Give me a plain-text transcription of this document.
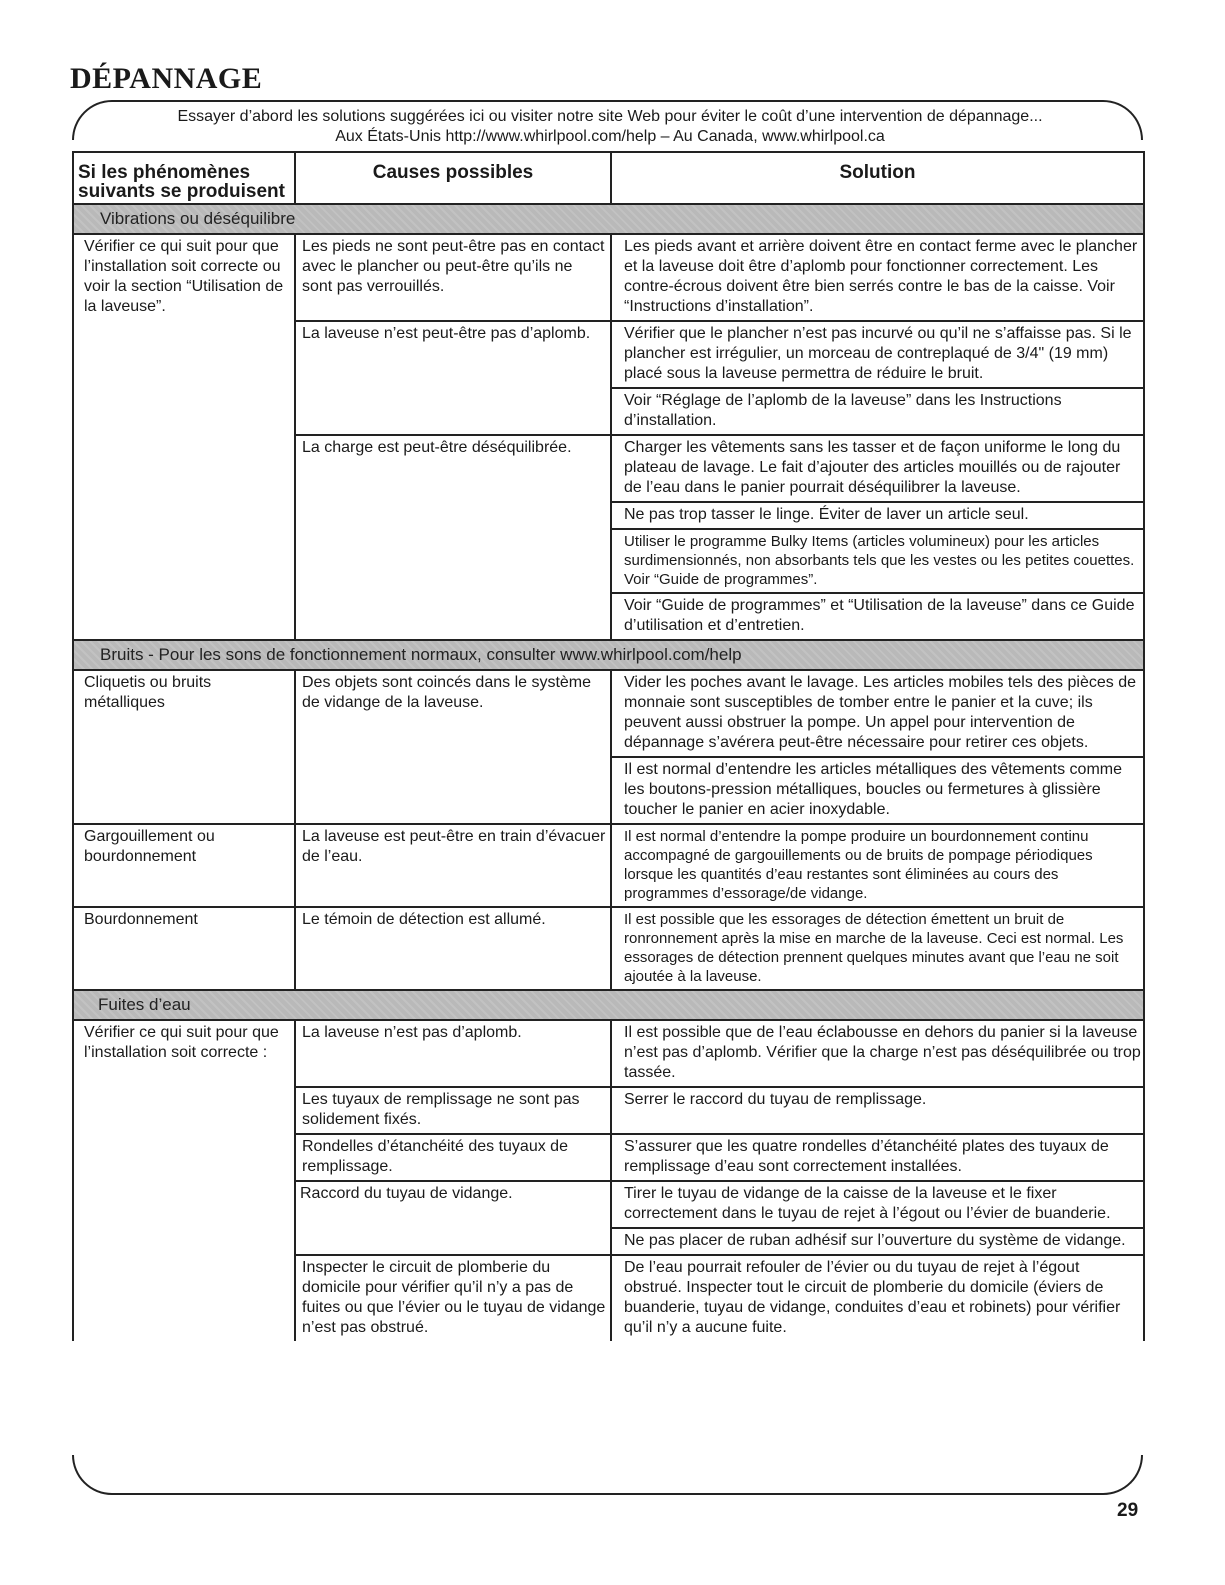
DÉPANNAGE
Essayer d’abord les solutions suggérées ici ou visiter notre site Web pour éviter le coût d’une intervention de dépannage...
Aux États-Unis http://www.whirlpool.com/help – Au Canada, www.whirlpool.ca
Si les phénomènes suivants se produisent	Causes possibles	Solution	
Vibrations ou déséquilibre			
Vérifier ce qui suit pour que l’installation soit correcte ou voir la section “Utilisation de la laveuse”.	Les pieds ne sont peut-être pas en contact avec le plancher ou peut-être qu’ils ne sont pas verrouillés.	Les pieds avant et arrière doivent être en contact ferme avec le plancher et la laveuse doit être d’aplomb pour fonctionner correctement. Les contre-écrous doivent être bien serrés contre le bas de la caisse. Voir “Instructions d’installation”.	
	La laveuse n’est peut-être pas d’aplomb.	Vérifier que le plancher n’est pas incurvé ou qu’il ne s’affaisse pas. Si le plancher est irrégulier, un morceau de contreplaqué de 3/4" (19 mm) placé sous la laveuse permettra de réduire le bruit.	
		Voir “Réglage de l’aplomb de la laveuse” dans les Instructions d’installation.	
	La charge est peut-être déséquilibrée.	Charger les vêtements sans les tasser et de façon uniforme le long du plateau de lavage. Le fait d’ajouter des articles mouillés ou de rajouter de l’eau dans le panier pourrait déséquilibrer la laveuse.	
		Ne pas trop tasser le linge. Éviter de laver un article seul.	
		Utiliser le programme Bulky Items (articles volumineux) pour les articles surdimensionnés, non absorbants tels que les vestes ou les petites couettes. Voir “Guide de programmes”.	
		Voir “Guide de programmes” et “Utilisation de la laveuse” dans ce Guide d’utilisation et d’entretien.	

Bruits - Pour les sons de fonctionnement normaux, consulter www.whirlpool.com/help			
Cliquetis ou bruits métalliques	Des objets sont coincés dans le système de vidange de la laveuse.	Vider les poches avant le lavage. Les articles mobiles tels des pièces de monnaie sont susceptibles de tomber entre le panier et la cuve; ils peuvent aussi obstruer la pompe. Un appel pour intervention de dépannage s’avérera peut-être nécessaire pour retirer ces objets.	
		Il est normal d’entendre les articles métalliques des vêtements comme les boutons-pression métalliques, boucles ou fermetures à glissière toucher le panier en acier inoxydable.	
Gargouillement ou bourdonnement	La laveuse est peut-être en train d’évacuer de l’eau.	Il est normal d’entendre la pompe produire un bourdonnement continu accompagné de gargouillements ou de bruits de pompage périodiques lorsque les quantités d’eau restantes sont éliminées au cours des programmes d’essorage/de vidange.	
Bourdonnement	Le témoin de détection est allumé.	Il est possible que les essorages de détection émettent un bruit de ronronnement après la mise en marche de la laveuse. Ceci est normal. Les essorages de détection prennent quelques minutes avant que l’eau ne soit ajoutée à la laveuse.	
Fuites d’eau			
Vérifier ce qui suit pour que l’installation soit correcte :	La laveuse n’est pas d’aplomb.	Il est possible que de l’eau éclabousse en dehors du panier si la laveuse n’est pas d’aplomb. Vérifier que la charge n’est pas déséquilibrée ou trop tassée.	
	Les tuyaux de remplissage ne sont pas solidement fixés.	Serrer le raccord du tuyau de remplissage.	
	Rondelles d’étanchéité des tuyaux de remplissage.	S’assurer que les quatre rondelles d’étanchéité plates des tuyaux de remplissage d’eau sont correctement installées.	
	Raccord du tuyau de vidange.	Tirer le tuyau de vidange de la caisse de la laveuse et le fixer correctement dans le tuyau de rejet à l’égout ou l’évier de buanderie.	
		Ne pas placer de ruban adhésif sur l’ouverture du système de vidange.	
	Inspecter le circuit de plomberie du domicile pour vérifier qu’il n’y a pas de fuites ou que l’évier ou le tuyau de vidange n’est pas obstrué.	De l’eau pourrait refouler de l’évier ou du tuyau de rejet à l’égout obstrué. Inspecter tout le circuit de plomberie du domicile (éviers de buanderie, tuyau de vidange, conduites d’eau et robinets) pour vérifier qu’il n’y a aucune fuite.	
29
